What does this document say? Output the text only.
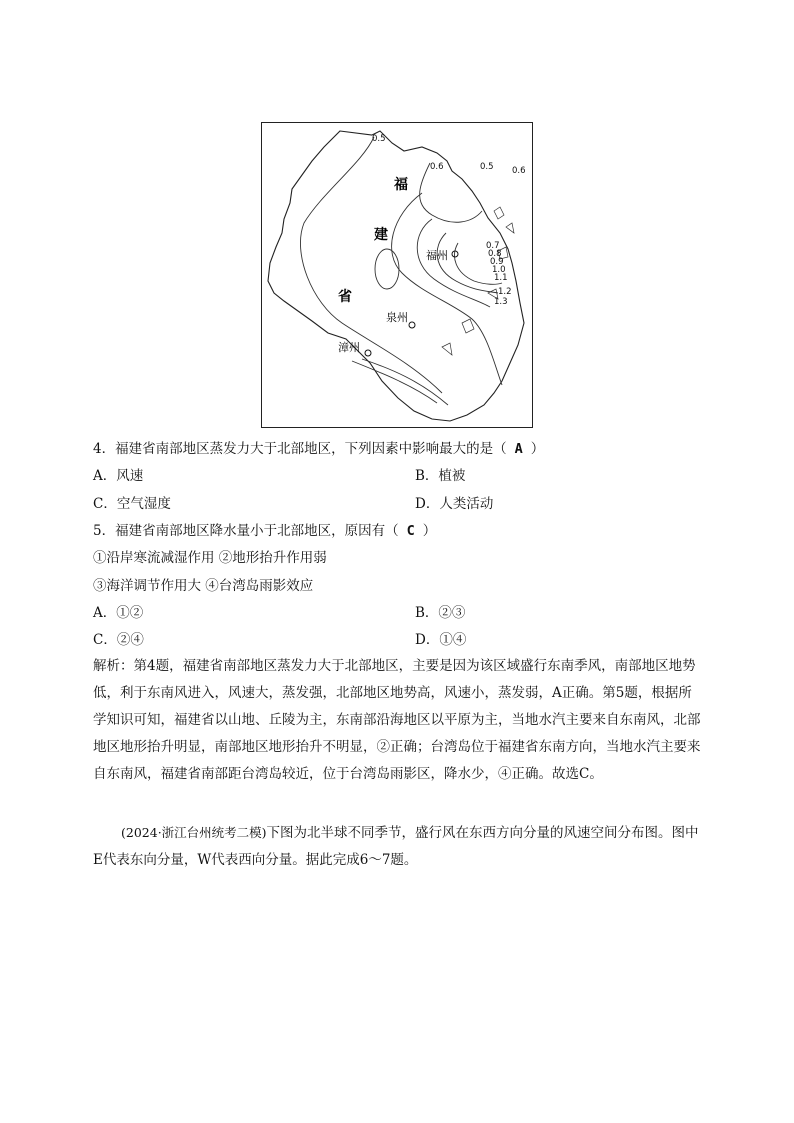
福
建
省
福州
泉州
漳州
0.5
0.6	0.5 0.6
0.7
0.8
0.9
1.0
1.1
1.2
1.3
4．福建省南部地区蒸发力大于北部地区，下列因素中影响最大的是（ A ）
A．风速	B．植被
C．空气湿度	D．人类活动
5．福建省南部地区降水量小于北部地区，原因有（ C ）
①沿岸寒流减湿作用 ②地形抬升作用弱
③海洋调节作用大 ④台湾岛雨影效应
A．①②	B．②③
C．②④	D．①④
解析：第4题，福建省南部地区蒸发力大于北部地区，主要是因为该区域盛行东南季风，南部地区地势低，利于东南风进入，风速大，蒸发强，北部地区地势高，风速小，蒸发弱，A正确。第5题，根据所学知识可知，福建省以山地、丘陵为主，东南部沿海地区以平原为主，当地水汽主要来自东南风，北部地区地形抬升明显，南部地区地形抬升不明显，②正确；台湾岛位于福建省东南方向，当地水汽主要来自东南风，福建省南部距台湾岛较近，位于台湾岛雨影区，降水少，④正确。故选C。
(2024·浙江台州统考二模)下图为北半球不同季节，盛行风在东西方向分量的风速空间分布图。图中E代表东向分量，W代表西向分量。据此完成6～7题。
